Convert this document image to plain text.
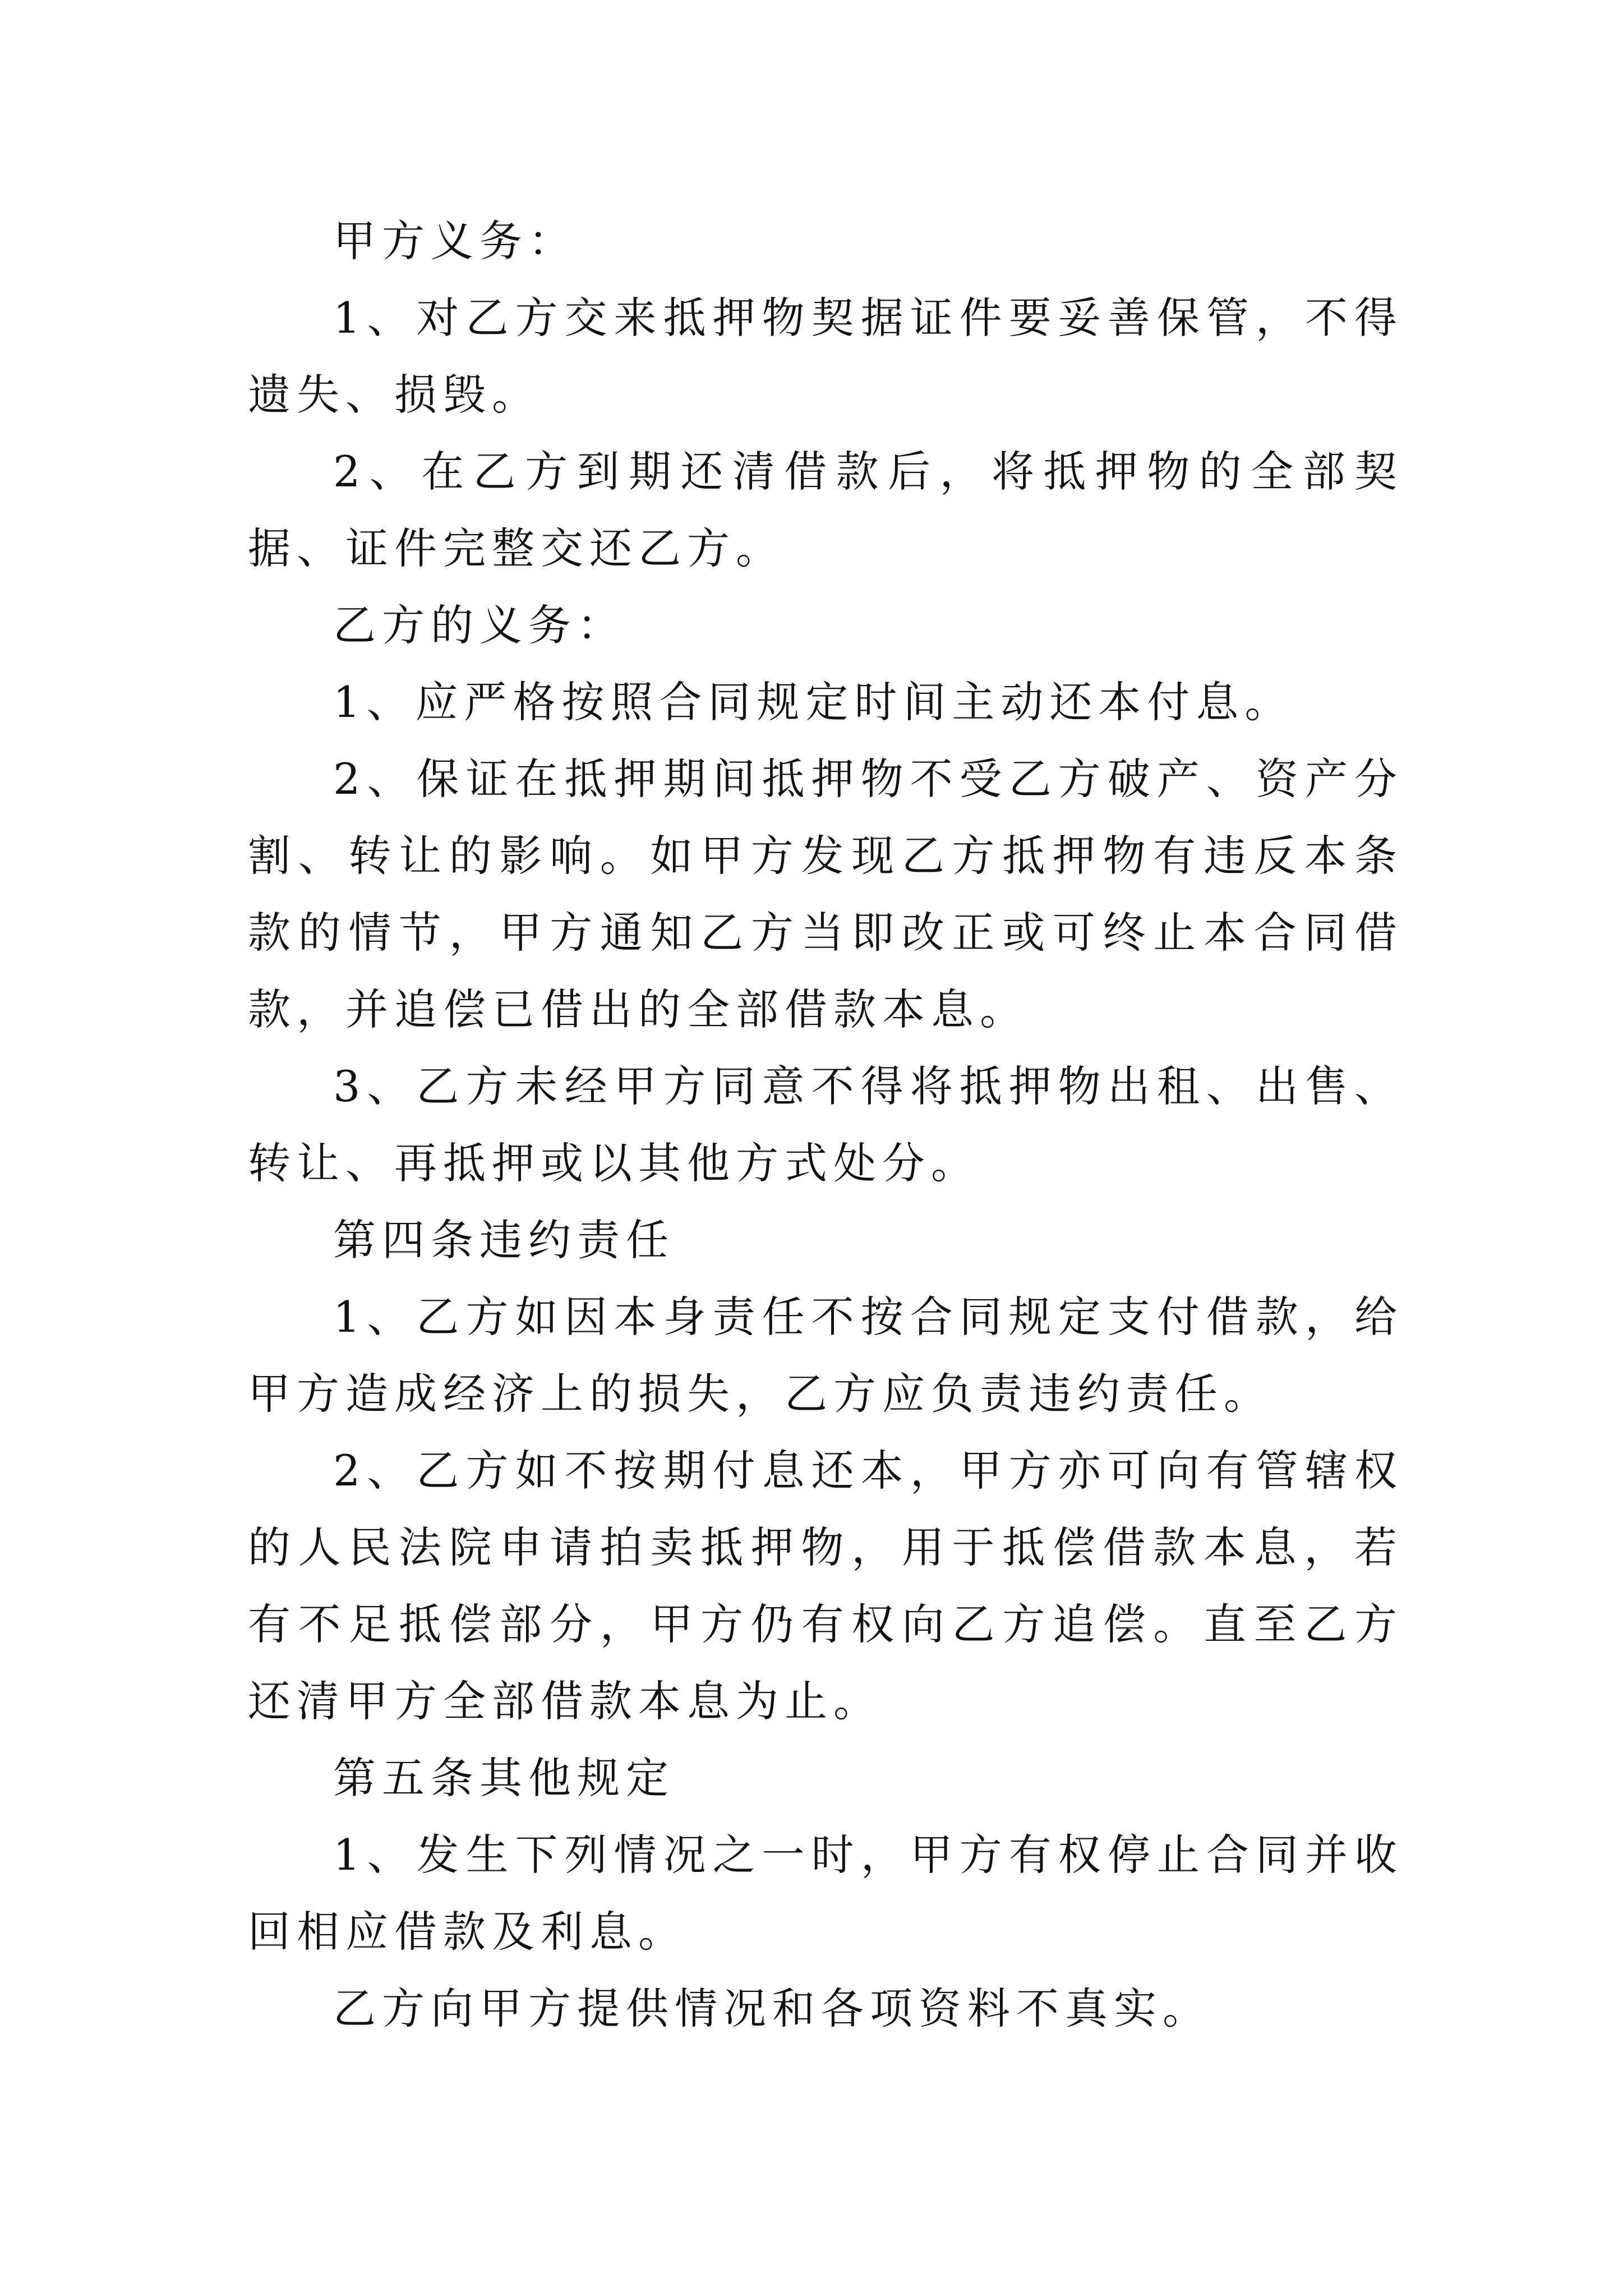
甲方义务：

1、对乙方交来抵押物契据证件要妥善保管，不得遗失、损毁。

2、在乙方到期还清借款后，将抵押物的全部契据、证件完整交还乙方。

乙方的义务：

1、应严格按照合同规定时间主动还本付息。

2、保证在抵押期间抵押物不受乙方破产、资产分割、转让的影响。如甲方发现乙方抵押物有违反本条款的情节，甲方通知乙方当即改正或可终止本合同借款，并追偿已借出的全部借款本息。

3、乙方未经甲方同意不得将抵押物出租、出售、转让、再抵押或以其他方式处分。

第四条违约责任

1、乙方如因本身责任不按合同规定支付借款，给甲方造成经济上的损失，乙方应负责违约责任。

2、乙方如不按期付息还本，甲方亦可向有管辖权的人民法院申请拍卖抵押物，用于抵偿借款本息，若有不足抵偿部分，甲方仍有权向乙方追偿。直至乙方还清甲方全部借款本息为止。

第五条其他规定

1、发生下列情况之一时，甲方有权停止合同并收回相应借款及利息。

乙方向甲方提供情况和各项资料不真实。
